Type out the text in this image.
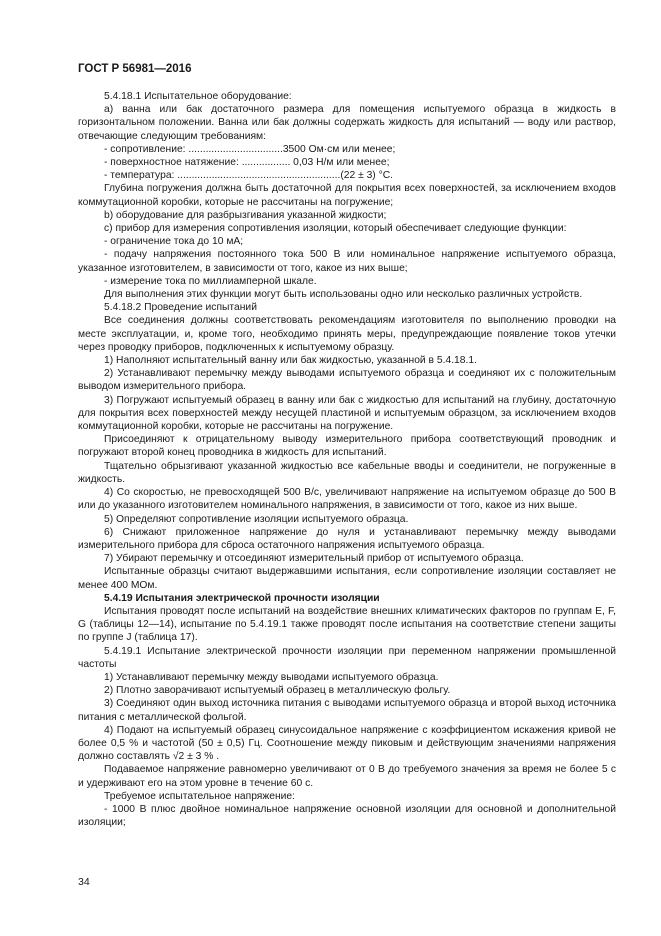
ГОСТ Р 56981—2016

5.4.18.1 Испытательное оборудование:

а) ванна или бак достаточного размера для помещения испытуемого образца в жидкость в горизонтальном положении. Ванна или бак должны содержать жидкость для испытаний — воду или раствор, отвечающие следующим требованиям:

- сопротивление: .................................3500 Ом·см или менее;

- поверхностное натяжение: ................. 0,03 Н/м или менее;

- температура: .........................................................(22 ± 3) °С.

Глубина погружения должна быть достаточной для покрытия всех поверхностей, за исключением входов коммутационной коробки, которые не рассчитаны на погружение;

b) оборудование для разбрызгивания указанной жидкости;

c) прибор для измерения сопротивления изоляции, который обеспечивает следующие функции:

- ограничение тока до 10 мА;

- подачу напряжения постоянного тока 500 В или номинальное напряжение испытуемого образца, указанное изготовителем, в зависимости от того, какое из них выше;

- измерение тока по миллиамперной шкале.

Для выполнения этих функции могут быть использованы одно или несколько различных устройств.

5.4.18.2 Проведение испытаний

Все соединения должны соответствовать рекомендациям изготовителя по выполнению проводки на месте эксплуатации, и, кроме того, необходимо принять меры, предупреждающие появление токов утечки через проводку приборов, подключенных к испытуемому образцу.

1) Наполняют испытательный ванну или бак жидкостью, указанной в 5.4.18.1.

2) Устанавливают перемычку между выводами испытуемого образца и соединяют их с положительным выводом измерительного прибора.

3) Погружают испытуемый образец в ванну или бак с жидкостью для испытаний на глубину, достаточную для покрытия всех поверхностей между несущей пластиной и испытуемым образцом, за исключением входов коммутационной коробки, которые не рассчитаны на погружение.

Присоединяют к отрицательному выводу измерительного прибора соответствующий проводник и погружают второй конец проводника в жидкость для испытаний.

Тщательно обрызгивают указанной жидкостью все кабельные вводы и соединители, не погруженные в жидкость.

4) Со скоростью, не превосходящей 500 В/с, увеличивают напряжение на испытуемом образце до 500 В или до указанного изготовителем номинального напряжения, в зависимости от того, какое из них выше.

5) Определяют сопротивление изоляции испытуемого образца.

6) Снижают приложенное напряжение до нуля и устанавливают перемычку между выводами измерительного прибора для сброса остаточного напряжения испытуемого образца.

7) Убирают перемычку и отсоединяют измерительный прибор от испытуемого образца.

Испытанные образцы считают выдержавшими испытания, если сопротивление изоляции составляет не менее 400 МОм.

5.4.19 Испытания электрической прочности изоляции

Испытания проводят после испытаний на воздействие внешних климатических факторов по группам E, F, G (таблицы 12—14), испытание по 5.4.19.1 также проводят после испытания на соответствие степени защиты по группе J (таблица 17).

5.4.19.1 Испытание электрической прочности изоляции при переменном напряжении промышленной частоты

1) Устанавливают перемычку между выводами испытуемого образца.

2) Плотно заворачивают испытуемый образец в металлическую фольгу.

3) Соединяют один выход источника питания с выводами испытуемого образца и второй выход источника питания с металлической фольгой.

4) Подают на испытуемый образец синусоидальное напряжение с коэффициентом искажения кривой не более 0,5 % и частотой (50 ± 0,5) Гц. Соотношение между пиковым и действующим значениями напряжения должно составлять √2 ± 3 % .

Подаваемое напряжение равномерно увеличивают от 0 В до требуемого значения за время не более 5 с и удерживают его на этом уровне в течение 60 с.

Требуемое испытательное напряжение:

- 1000 В плюс двойное номинальное напряжение основной изоляции для основной и дополнительной изоляции;

34
